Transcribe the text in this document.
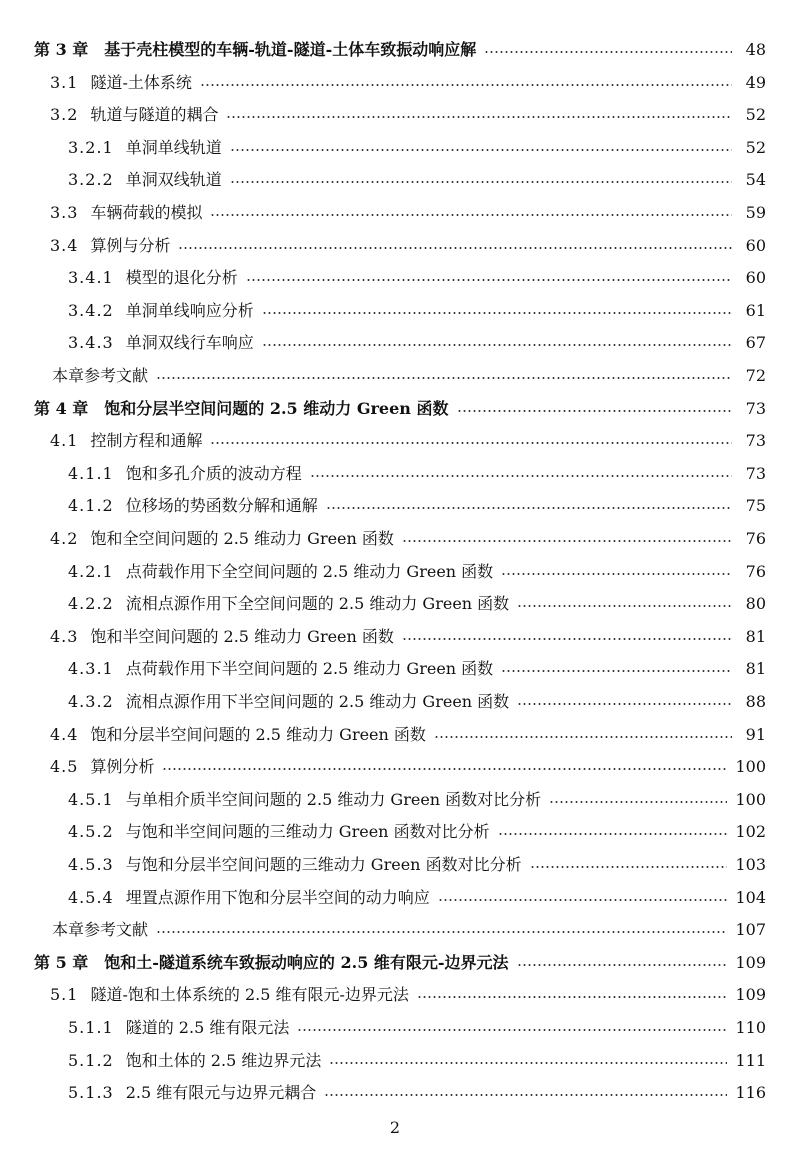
第 3 章 基于壳柱模型的车辆-轨道-隧道-土体车致振动响应解	48
3.1 隧道-土体系统	49
3.2 轨道与隧道的耦合	52
3.2.1 单洞单线轨道	52
3.2.2 单洞双线轨道	54
3.3 车辆荷载的模拟	59
3.4 算例与分析	60
3.4.1 模型的退化分析	60
3.4.2 单洞单线响应分析	61
3.4.3 单洞双线行车响应	67
本章参考文献	72
第 4 章 饱和分层半空间问题的 2.5 维动力 Green 函数	73
4.1 控制方程和通解	73
4.1.1 饱和多孔介质的波动方程	73
4.1.2 位移场的势函数分解和通解	75
4.2 饱和全空间问题的 2.5 维动力 Green 函数	76
4.2.1 点荷载作用下全空间问题的 2.5 维动力 Green 函数	76
4.2.2 流相点源作用下全空间问题的 2.5 维动力 Green 函数	80
4.3 饱和半空间问题的 2.5 维动力 Green 函数	81
4.3.1 点荷载作用下半空间问题的 2.5 维动力 Green 函数	81
4.3.2 流相点源作用下半空间问题的 2.5 维动力 Green 函数	88
4.4 饱和分层半空间问题的 2.5 维动力 Green 函数	91
4.5 算例分析	100
4.5.1 与单相介质半空间问题的 2.5 维动力 Green 函数对比分析	100
4.5.2 与饱和半空间问题的三维动力 Green 函数对比分析	102
4.5.3 与饱和分层半空间问题的三维动力 Green 函数对比分析	103
4.5.4 埋置点源作用下饱和分层半空间的动力响应	104
本章参考文献	107
第 5 章 饱和土-隧道系统车致振动响应的 2.5 维有限元-边界元法	109
5.1 隧道-饱和土体系统的 2.5 维有限元-边界元法	109
5.1.1 隧道的 2.5 维有限元法	110
5.1.2 饱和土体的 2.5 维边界元法	111
5.1.3 2.5 维有限元与边界元耦合	116
2
